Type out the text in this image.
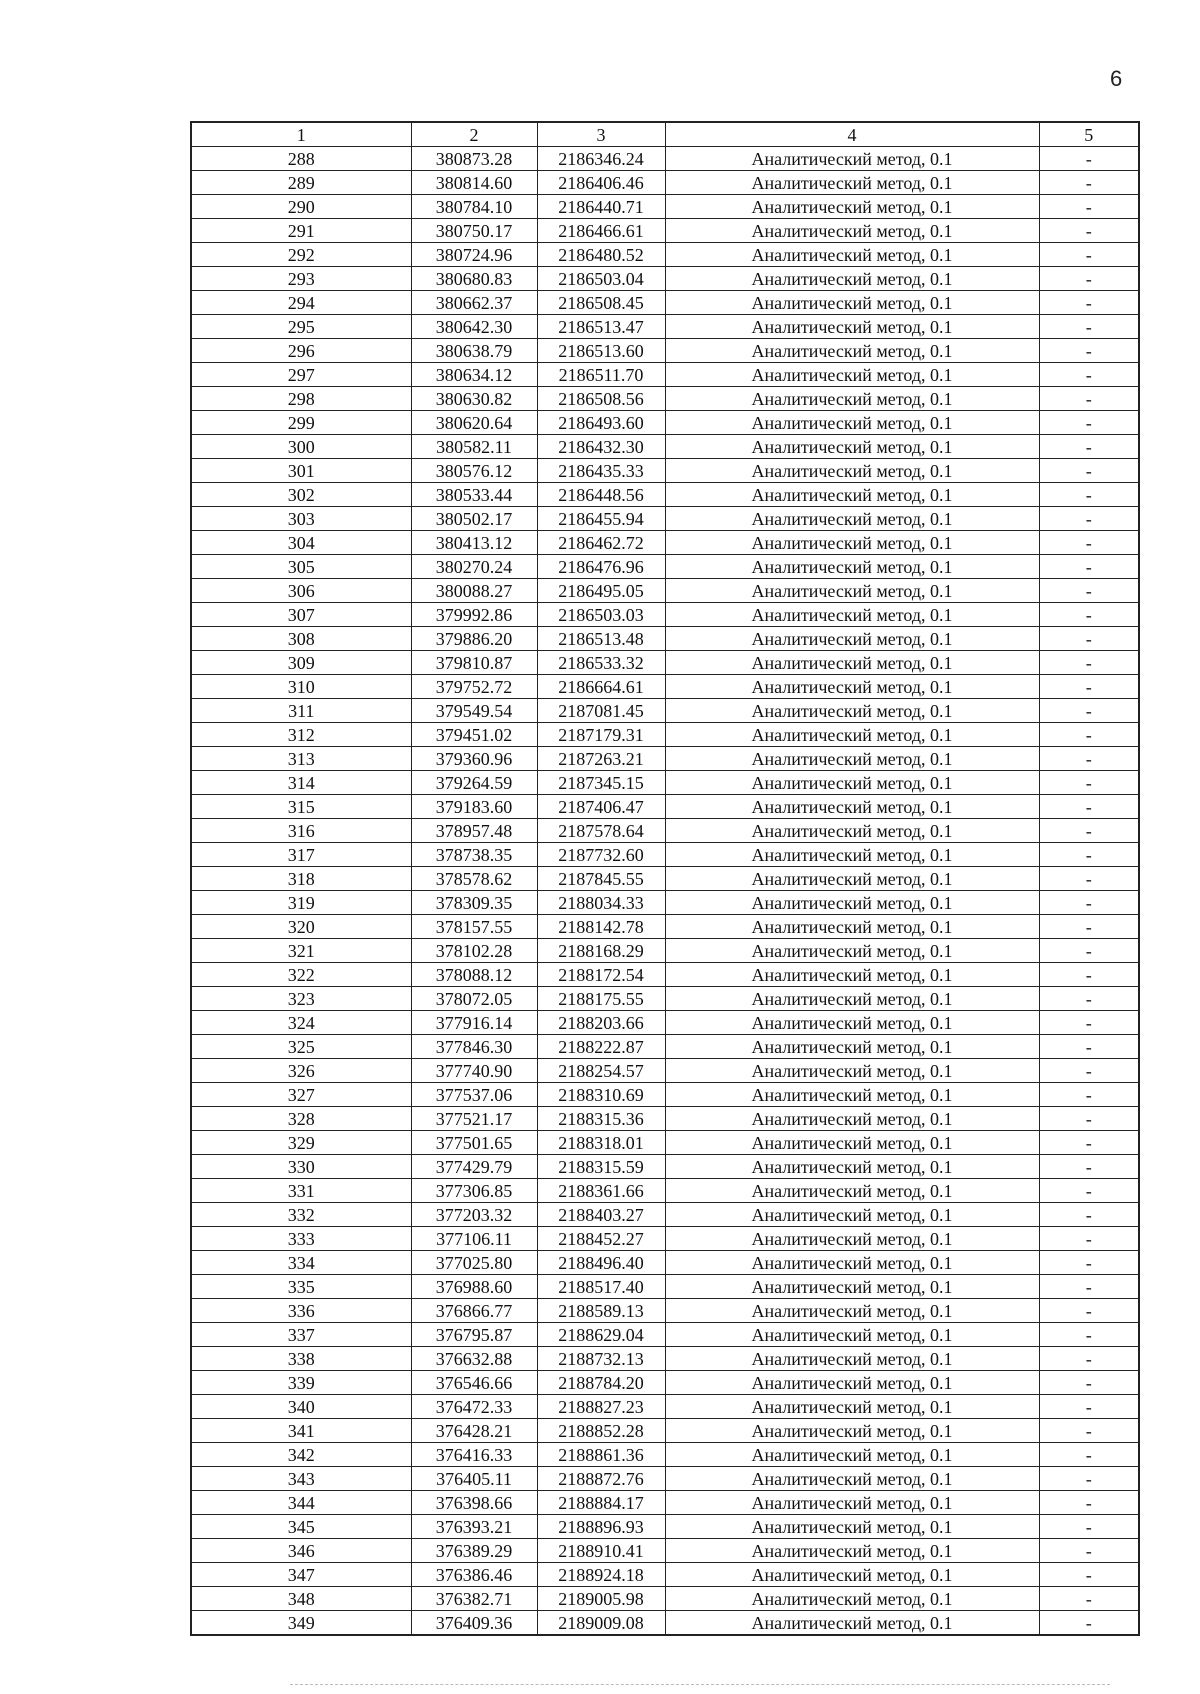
6
1	2	3	4	5
288	380873.28	2186346.24	Аналитический метод, 0.1	-
289	380814.60	2186406.46	Аналитический метод, 0.1	-
290	380784.10	2186440.71	Аналитический метод, 0.1	-
291	380750.17	2186466.61	Аналитический метод, 0.1	-
292	380724.96	2186480.52	Аналитический метод, 0.1	-
293	380680.83	2186503.04	Аналитический метод, 0.1	-
294	380662.37	2186508.45	Аналитический метод, 0.1	-
295	380642.30	2186513.47	Аналитический метод, 0.1	-
296	380638.79	2186513.60	Аналитический метод, 0.1	-
297	380634.12	2186511.70	Аналитический метод, 0.1	-
298	380630.82	2186508.56	Аналитический метод, 0.1	-
299	380620.64	2186493.60	Аналитический метод, 0.1	-
300	380582.11	2186432.30	Аналитический метод, 0.1	-
301	380576.12	2186435.33	Аналитический метод, 0.1	-
302	380533.44	2186448.56	Аналитический метод, 0.1	-
303	380502.17	2186455.94	Аналитический метод, 0.1	-
304	380413.12	2186462.72	Аналитический метод, 0.1	-
305	380270.24	2186476.96	Аналитический метод, 0.1	-
306	380088.27	2186495.05	Аналитический метод, 0.1	-
307	379992.86	2186503.03	Аналитический метод, 0.1	-
308	379886.20	2186513.48	Аналитический метод, 0.1	-
309	379810.87	2186533.32	Аналитический метод, 0.1	-
310	379752.72	2186664.61	Аналитический метод, 0.1	-
311	379549.54	2187081.45	Аналитический метод, 0.1	-
312	379451.02	2187179.31	Аналитический метод, 0.1	-
313	379360.96	2187263.21	Аналитический метод, 0.1	-
314	379264.59	2187345.15	Аналитический метод, 0.1	-
315	379183.60	2187406.47	Аналитический метод, 0.1	-
316	378957.48	2187578.64	Аналитический метод, 0.1	-
317	378738.35	2187732.60	Аналитический метод, 0.1	-
318	378578.62	2187845.55	Аналитический метод, 0.1	-
319	378309.35	2188034.33	Аналитический метод, 0.1	-
320	378157.55	2188142.78	Аналитический метод, 0.1	-
321	378102.28	2188168.29	Аналитический метод, 0.1	-
322	378088.12	2188172.54	Аналитический метод, 0.1	-
323	378072.05	2188175.55	Аналитический метод, 0.1	-
324	377916.14	2188203.66	Аналитический метод, 0.1	-
325	377846.30	2188222.87	Аналитический метод, 0.1	-
326	377740.90	2188254.57	Аналитический метод, 0.1	-
327	377537.06	2188310.69	Аналитический метод, 0.1	-
328	377521.17	2188315.36	Аналитический метод, 0.1	-
329	377501.65	2188318.01	Аналитический метод, 0.1	-
330	377429.79	2188315.59	Аналитический метод, 0.1	-
331	377306.85	2188361.66	Аналитический метод, 0.1	-
332	377203.32	2188403.27	Аналитический метод, 0.1	-
333	377106.11	2188452.27	Аналитический метод, 0.1	-
334	377025.80	2188496.40	Аналитический метод, 0.1	-
335	376988.60	2188517.40	Аналитический метод, 0.1	-
336	376866.77	2188589.13	Аналитический метод, 0.1	-
337	376795.87	2188629.04	Аналитический метод, 0.1	-
338	376632.88	2188732.13	Аналитический метод, 0.1	-
339	376546.66	2188784.20	Аналитический метод, 0.1	-
340	376472.33	2188827.23	Аналитический метод, 0.1	-
341	376428.21	2188852.28	Аналитический метод, 0.1	-
342	376416.33	2188861.36	Аналитический метод, 0.1	-
343	376405.11	2188872.76	Аналитический метод, 0.1	-
344	376398.66	2188884.17	Аналитический метод, 0.1	-
345	376393.21	2188896.93	Аналитический метод, 0.1	-
346	376389.29	2188910.41	Аналитический метод, 0.1	-
347	376386.46	2188924.18	Аналитический метод, 0.1	-
348	376382.71	2189005.98	Аналитический метод, 0.1	-
349	376409.36	2189009.08	Аналитический метод, 0.1	-
